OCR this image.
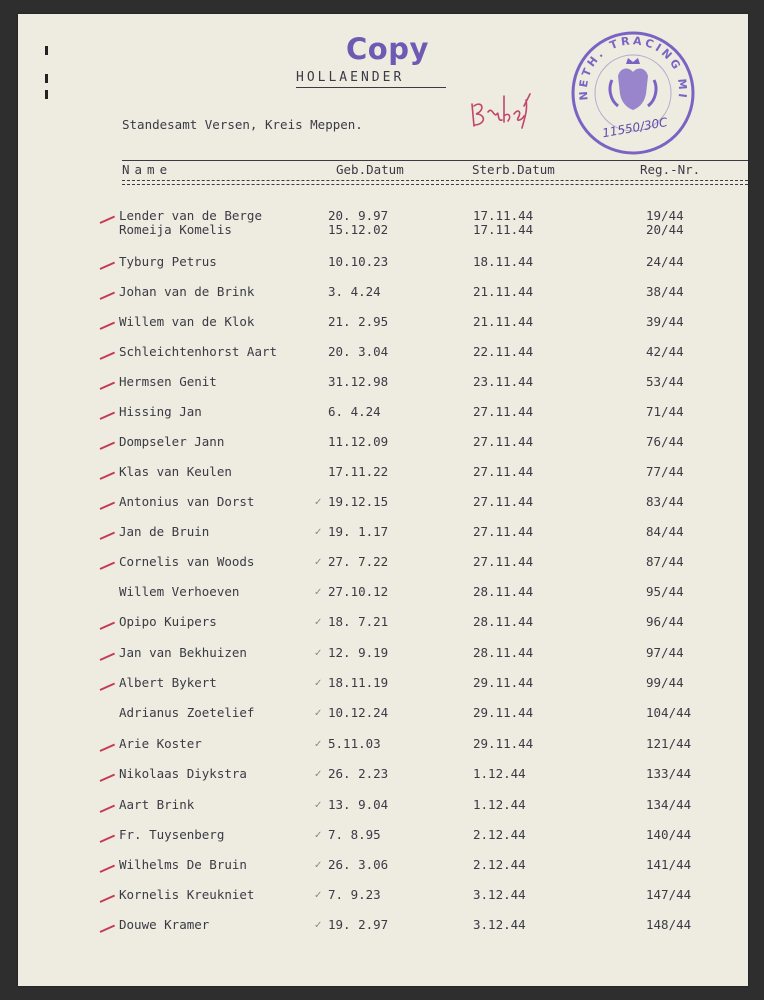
Copy
HOLLAENDER
NETH. TRACING MI
11550/30C
Standesamt Versen, Kreis Meppen.
Name	Geb.Datum	Sterb.Datum	Reg.-Nr.
Lender van de Berge	20. 9.97	17.11.44	19/44
Romeija Komelis	15.12.02	17.11.44	20/44
Tyburg Petrus	10.10.23	18.11.44	24/44
Johan van de Brink	3. 4.24	21.11.44	38/44
Willem van de Klok	21. 2.95	21.11.44	39/44
Schleichtenhorst Aart	20. 3.04	22.11.44	42/44
Hermsen Genit	31.12.98	23.11.44	53/44
Hissing Jan	6. 4.24	27.11.44	71/44
Dompseler Jann	11.12.09	27.11.44	76/44
Klas van Keulen	17.11.22	27.11.44	77/44
Antonius van Dorst	19.12.15	27.11.44	83/44
✓
Jan de Bruin	19. 1.17	27.11.44	84/44
✓
Cornelis van Woods	27. 7.22	27.11.44	87/44
✓
Willem Verhoeven	27.10.12	28.11.44	95/44
✓
Opipo Kuipers	18. 7.21	28.11.44	96/44
✓
Jan van Bekhuizen	12. 9.19	28.11.44	97/44
✓
Albert Bykert	18.11.19	29.11.44	99/44
✓
Adrianus Zoetelief	10.12.24	29.11.44	104/44
✓
Arie Koster	5.11.03	29.11.44	121/44
✓
Nikolaas Diykstra	26. 2.23	1.12.44	133/44
✓
Aart Brink	13. 9.04	1.12.44	134/44
✓
Fr. Tuysenberg	7. 8.95	2.12.44	140/44
✓
Wilhelms De Bruin	26. 3.06	2.12.44	141/44
✓
Kornelis Kreukniet	7. 9.23	3.12.44	147/44
✓
Douwe Kramer	19. 2.97	3.12.44	148/44
✓
